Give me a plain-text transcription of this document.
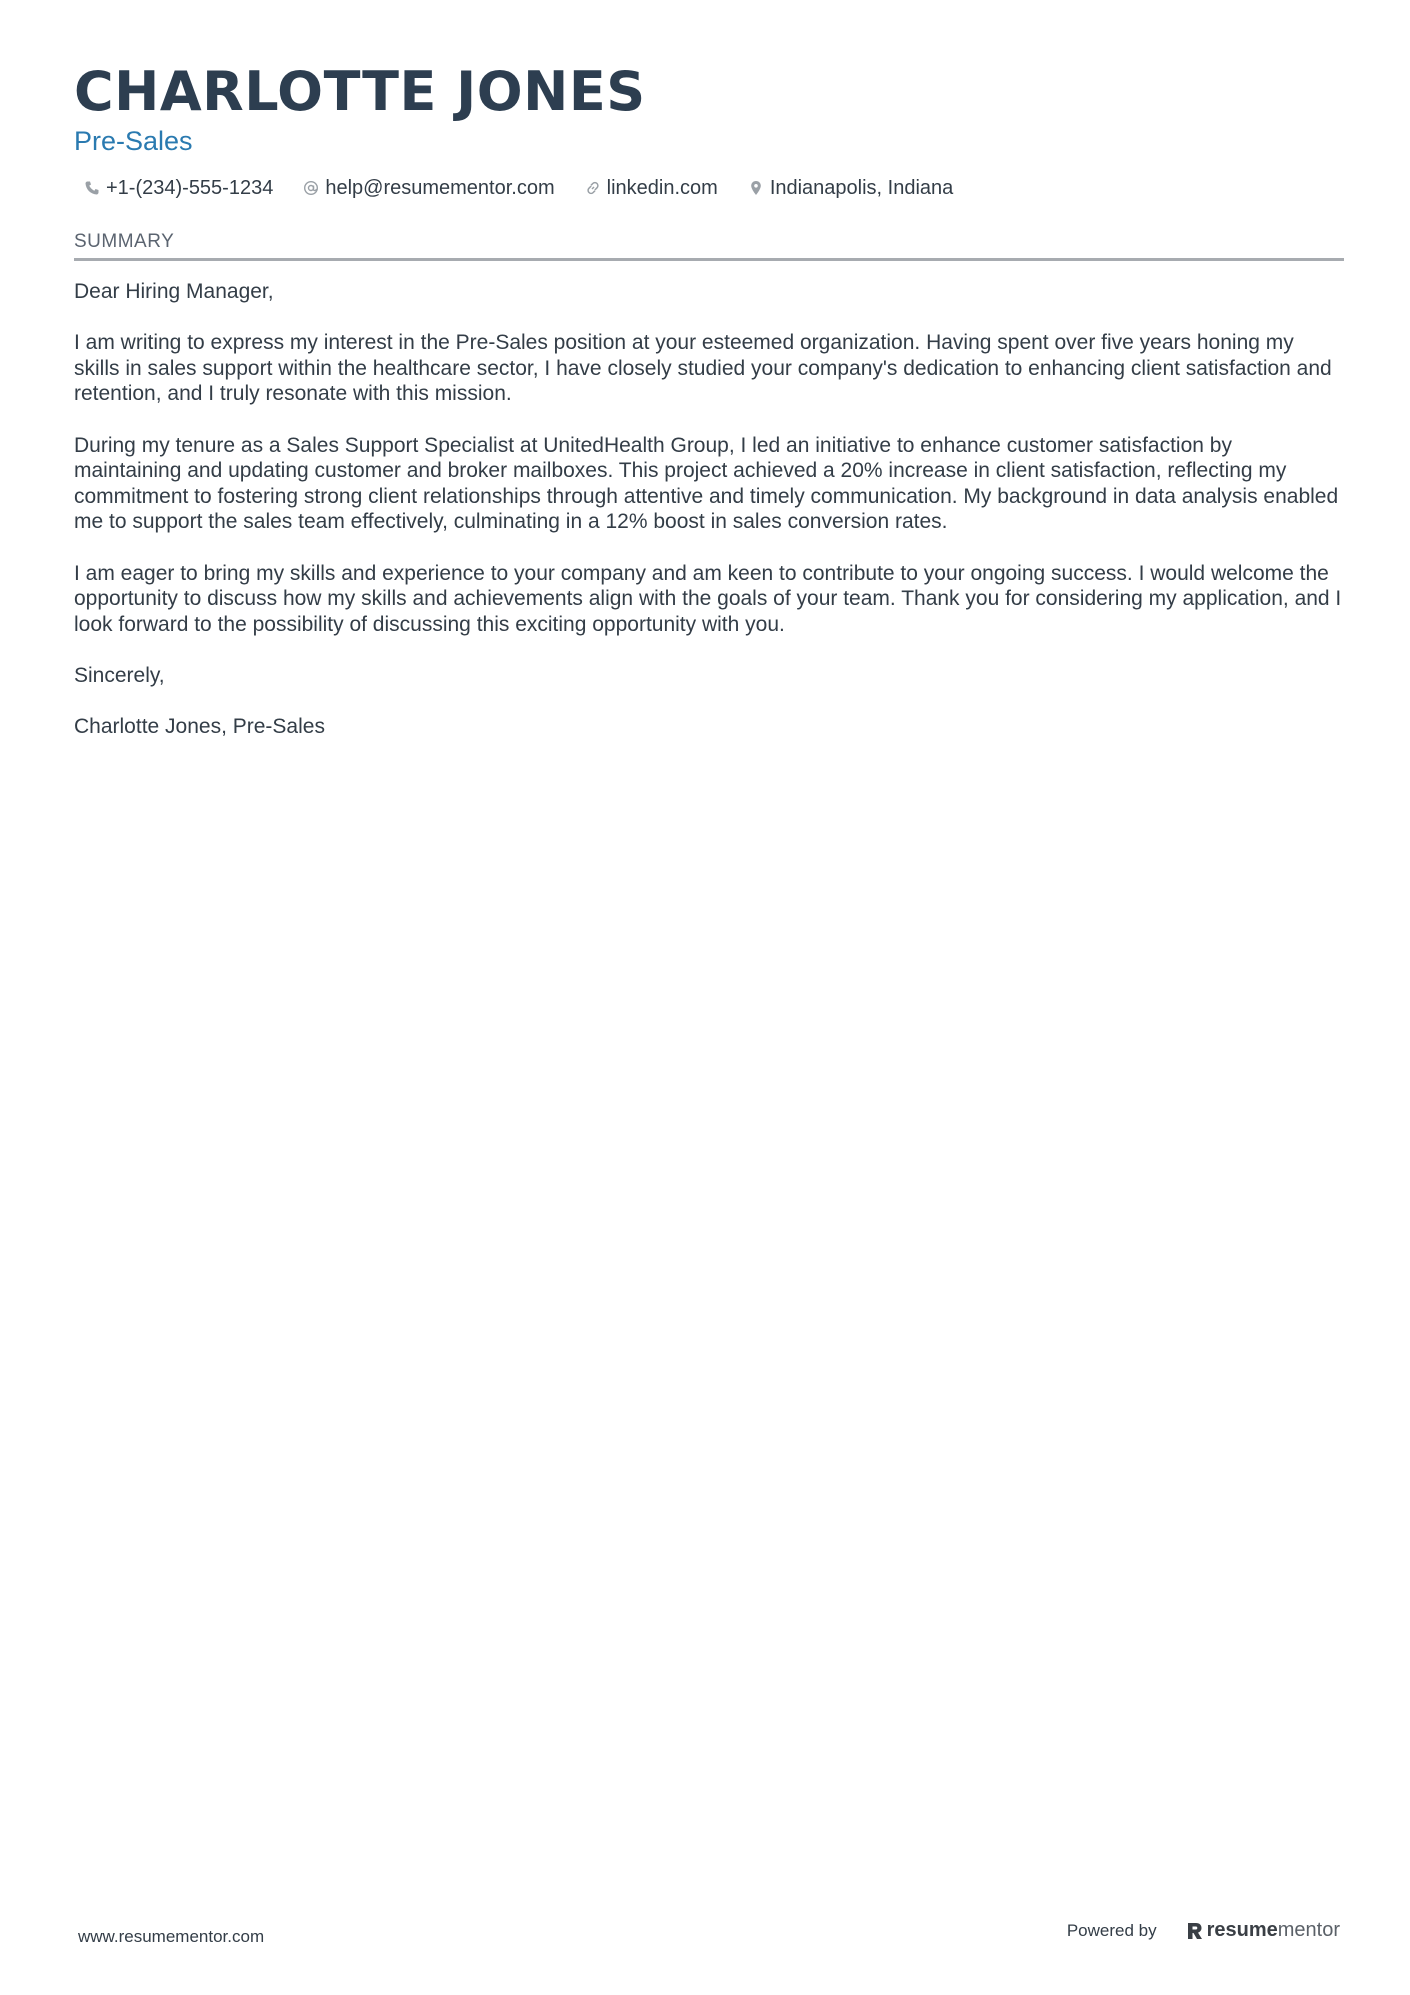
CHARLOTTE JONES
Pre-Sales
+1-(234)-555-1234	help@resumementor.com	linkedin.com	Indianapolis, Indiana
SUMMARY

Dear Hiring Manager,

I am writing to express my interest in the Pre-Sales position at your esteemed organization. Having spent over five years honing my skills in sales support within the healthcare sector, I have closely studied your company's dedication to enhancing client satisfaction and retention, and I truly resonate with this mission.

During my tenure as a Sales Support Specialist at UnitedHealth Group, I led an initiative to enhance customer satisfaction by maintaining and updating customer and broker mailboxes. This project achieved a 20% increase in client satisfaction, reflecting my commitment to fostering strong client relationships through attentive and timely communication. My background in data analysis enabled me to support the sales team effectively, culminating in a 12% boost in sales conversion rates.

I am eager to bring my skills and experience to your company and am keen to contribute to your ongoing success. I would welcome the opportunity to discuss how my skills and achievements align with the goals of your team. Thank you for considering my application, and I look forward to the possibility of discussing this exciting opportunity with you.

Sincerely,

Charlotte Jones, Pre-Sales

www.resumementor.com	Powered by	resume mentor
